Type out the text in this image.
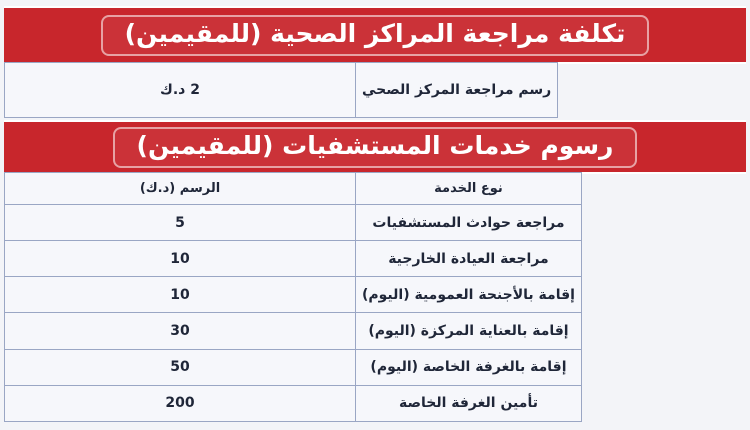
تكلفة مراجعة المراكز الصحية (للمقيمين)
2 د.ك	رسم مراجعة المركز الصحي
رسوم خدمات المستشفيات (للمقيمين)
الرسم (د.ك)	نوع الخدمة
5	مراجعة حوادث المستشفيات
10	مراجعة العيادة الخارجية
10	إقامة بالأجنحة العمومية (اليوم)
30	إقامة بالعناية المركزة (اليوم)
50	إقامة بالغرفة الخاصة (اليوم)
200	تأمين الغرفة الخاصة
